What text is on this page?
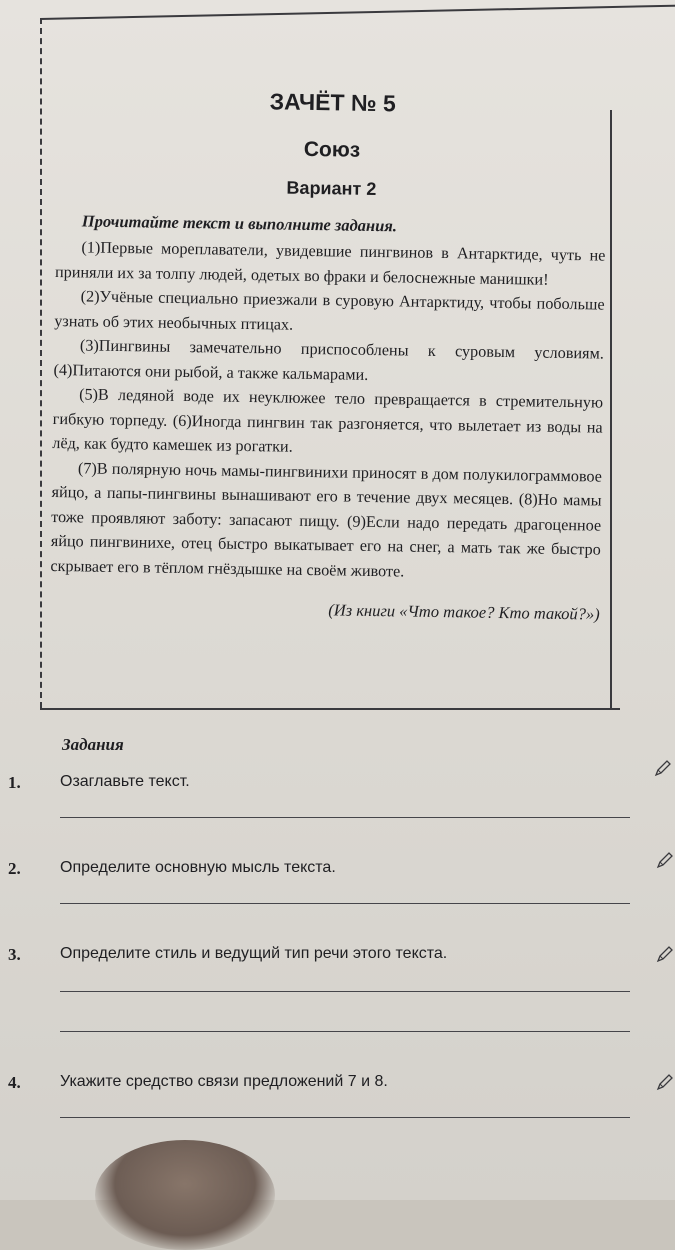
ЗАЧЁТ № 5
Союз
Вариант 2
Прочитайте текст и выполните задания.

(1)Первые мореплаватели, увидевшие пингвинов в Антарктиде, чуть не приняли их за толпу людей, одетых во фраки и белоснежные манишки!

(2)Учёные специально приезжали в суровую Антарктиду, чтобы побольше узнать об этих необычных птицах.

(3)Пингвины замечательно приспособлены к суровым условиям. (4)Питаются они рыбой, а также кальмарами.

(5)В ледяной воде их неуклюжее тело превращается в стремительную гибкую торпеду. (6)Иногда пингвин так разгоняется, что вылетает из воды на лёд, как будто камешек из рогатки.

(7)В полярную ночь мамы-пингвинихи приносят в дом полукилограммовое яйцо, а папы-пингвины вынашивают его в течение двух месяцев. (8)Но мамы тоже проявляют заботу: запасают пищу. (9)Если надо передать драгоценное яйцо пингвинихе, отец быстро выкатывает его на снег, а мать так же быстро скрывает его в тёплом гнёздышке на своём животе.

(Из книги «Что такое? Кто такой?»)
Задания
1. Озаглавьте текст.
2. Определите основную мысль текста.
3. Определите стиль и ведущий тип речи этого текста.
4. Укажите средство связи предложений 7 и 8.
